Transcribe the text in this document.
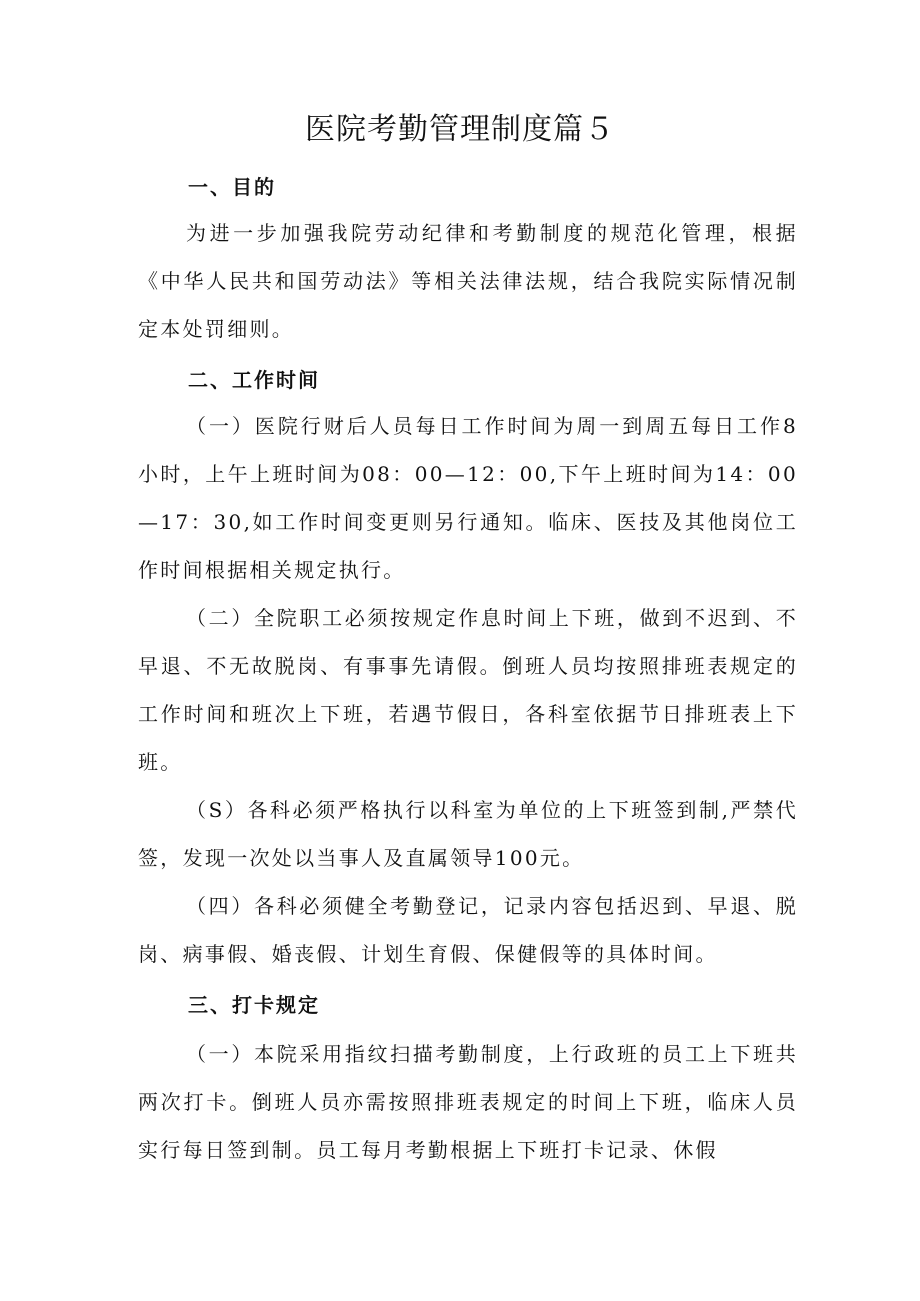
医院考勤管理制度篇５
一、目的

为进一步加强我院劳动纪律和考勤制度的规范化管理，根据《中华人民共和国劳动法》等相关法律法规，结合我院实际情况制定本处罚细则。

二、工作时间

（一）医院行财后人员每日工作时间为周一到周五每日工作8小时，上午上班时间为08：00—12：00,下午上班时间为14：00—17：30,如工作时间变更则另行通知。临床、医技及其他岗位工作时间根据相关规定执行。

（二）全院职工必须按规定作息时间上下班，做到不迟到、不早退、不无故脱岗、有事事先请假。倒班人员均按照排班表规定的工作时间和班次上下班，若遇节假日，各科室依据节日排班表上下班。

（S）各科必须严格执行以科室为单位的上下班签到制,严禁代签，发现一次处以当事人及直属领导100元。

（四）各科必须健全考勤登记，记录内容包括迟到、早退、脱岗、病事假、婚丧假、计划生育假、保健假等的具体时间。

三、打卡规定

（一）本院采用指纹扫描考勤制度，上行政班的员工上下班共两次打卡。倒班人员亦需按照排班表规定的时间上下班，临床人员实行每日签到制。员工每月考勤根据上下班打卡记录、休假
